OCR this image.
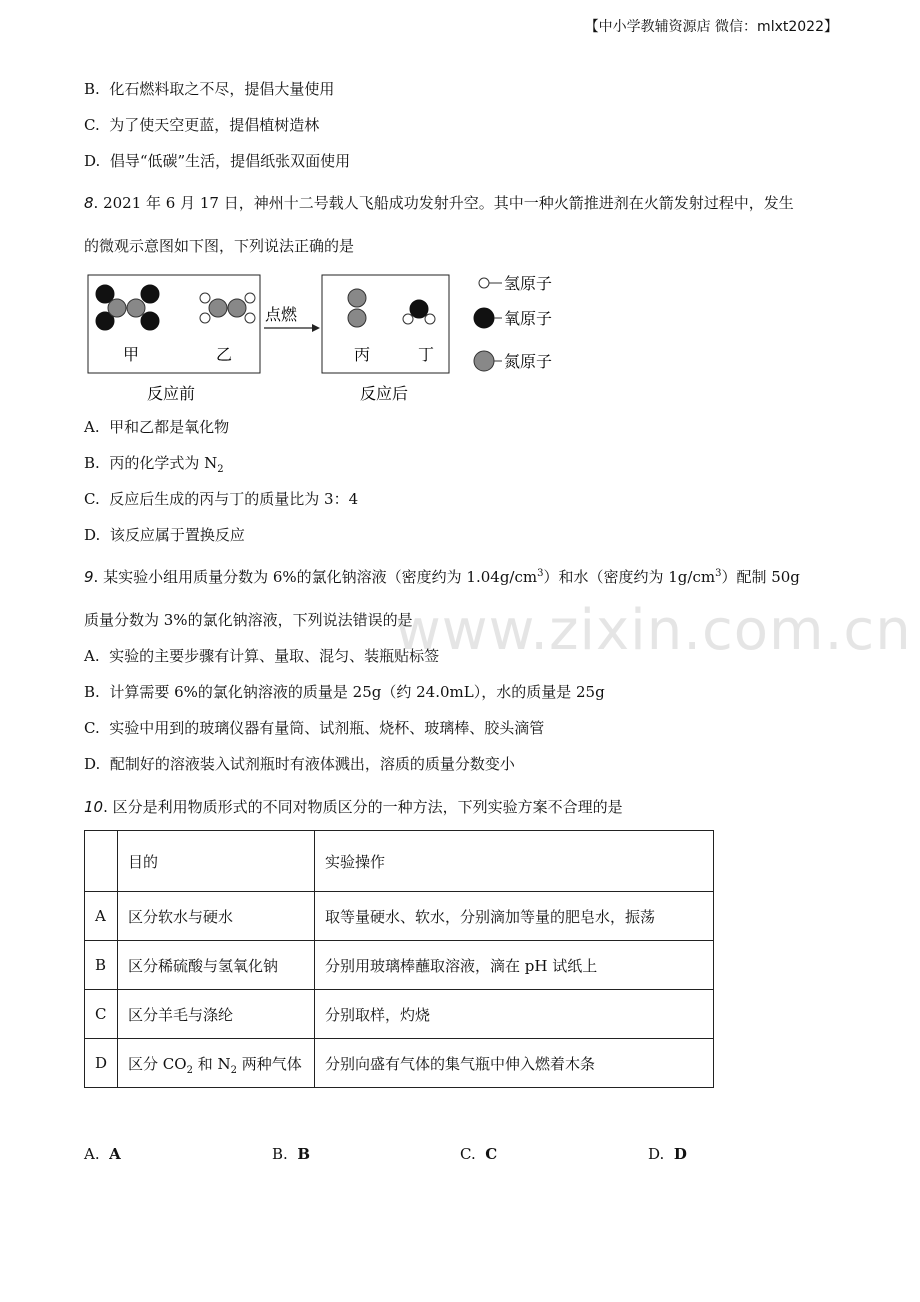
【中小学教辅资源店 微信：mlxt2022】
B. 化石燃料取之不尽，提倡大量使用
C. 为了使天空更蓝，提倡植树造林
D. 倡导“低碳”生活，提倡纸张双面使用
8. 2021 年 6 月 17 日，神州十二号载人飞船成功发射升空。其中一种火箭推进剂在火箭发射过程中，发生
的微观示意图如下图，下列说法正确的是
甲	乙
反应前
点燃
丙	丁
反应后
氢原子
氧原子
氮原子
A. 甲和乙都是氧化物
B. 丙的化学式为 $N_2$
C. 反应后生成的丙与丁的质量比为 3：4
D. 该反应属于置换反应
9. 某实验小组用质量分数为 6%的氯化钠溶液（密度约为 $1.04g/cm^3$）和水（密度约为 $1g/cm^3$）配制 50g
质量分数为 3%的氯化钠溶液，下列说法错误的是
www.zixin.com.cn
A. 实验的主要步骤有计算、量取、混匀、装瓶贴标签
B. 计算需要 6%的氯化钠溶液的质量是 25g（约 24.0mL），水的质量是 25g
C. 实验中用到的玻璃仪器有量筒、试剂瓶、烧杯、玻璃棒、胶头滴管
D. 配制好的溶液装入试剂瓶时有液体溅出，溶质的质量分数变小
10. 区分是利用物质形式的不同对物质区分的一种方法，下列实验方案不合理的是
	目的	实验操作
A	区分软水与硬水	取等量硬水、软水，分别滴加等量的肥皂水，振荡
B	区分稀硫酸与氢氧化钠	分别用玻璃棒蘸取溶液，滴在 pH 试纸上
C	区分羊毛与涤纶	分别取样，灼烧
D	区分 $CO_2$ 和 $N_2$ 两种气体	分别向盛有气体的集气瓶中伸入燃着木条
A. A	B. B	C. C	D. D
